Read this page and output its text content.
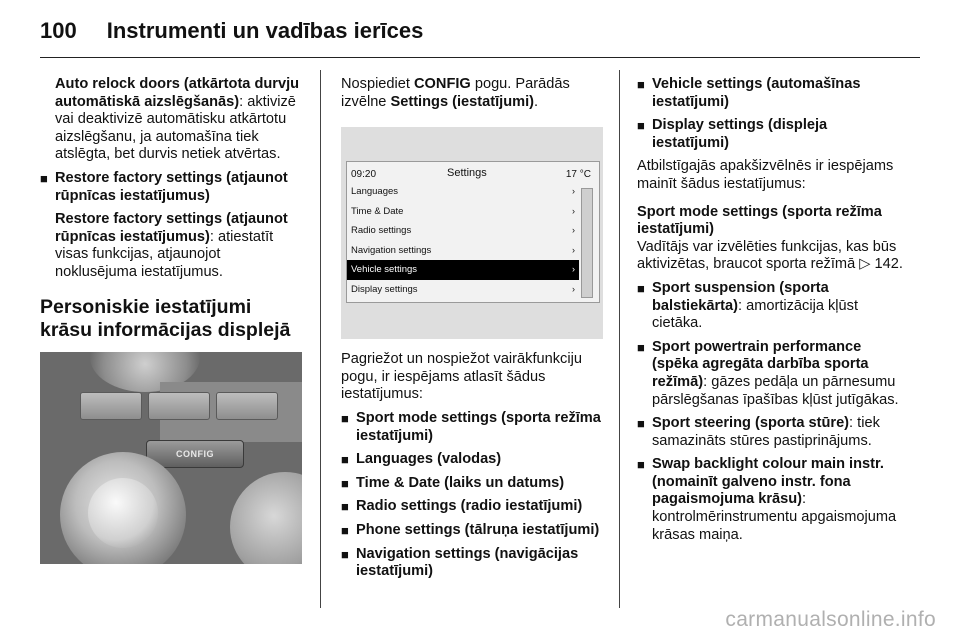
100 Instrumenti un vadības ierīces

Auto relock doors (atkārtota durvju automātiskā aizslēgšanās): aktivizē vai deaktivizē automātisku atkārtotu aizslēgšanu, ja automašīna tiek atslēgta, bet durvis netiek atvērtas.

■ Restore factory settings (atjaunot rūpnīcas iestatījumus)

Restore factory settings (atjaunot rūpnīcas iestatījumus): atiestatīt visas funkcijas, atjaunojot noklusējuma iestatījumus.

Personiskie iestatījumi krāsu informācijas displejā
CONFIG

Nospiediet CONFIG pogu. Parādās izvēlne Settings (iestatījumi).

09:20	Settings	17 °C
Languages	›
Time & Date	›
Radio settings	›
Navigation settings	›
Vehicle settings	›
Display settings	›

Pagriežot un nospiežot vairākfunkciju pogu, ir iespējams atlasīt šādus iestatījumus:

■ Sport mode settings (sporta režīma iestatījumi)
■ Languages (valodas)
■ Time & Date (laiks un datums)
■ Radio settings (radio iestatījumi)
■ Phone settings (tālruņa iestatījumi)
■ Navigation settings (navigācijas iestatījumi)
■ Vehicle settings (automašīnas iestatījumi)
■ Display settings (displeja iestatījumi)

Atbilstīgajās apakšizvēlnēs ir iespējams mainīt šādus iestatījumus:

Sport mode settings (sporta režīma iestatījumi)

Vadītājs var izvēlēties funkcijas, kas būs aktivizētas, braucot sporta režīmā ▷ 142.

■ Sport suspension (sporta balstiekārta): amortizācija kļūst cietāka.
■ Sport powertrain performance (spēka agregāta darbība sporta režīmā): gāzes pedāļa un pārnesumu pārslēgšanas īpašības kļūst jutīgākas.
■ Sport steering (sporta stūre): tiek samazināts stūres pastiprinājums.
■ Swap backlight colour main instr. (nomainīt galveno instr. fona pagaismojuma krāsu): kontrolmērinstrumentu apgaismojuma krāsas maiņa.
carmanualsonline.info
